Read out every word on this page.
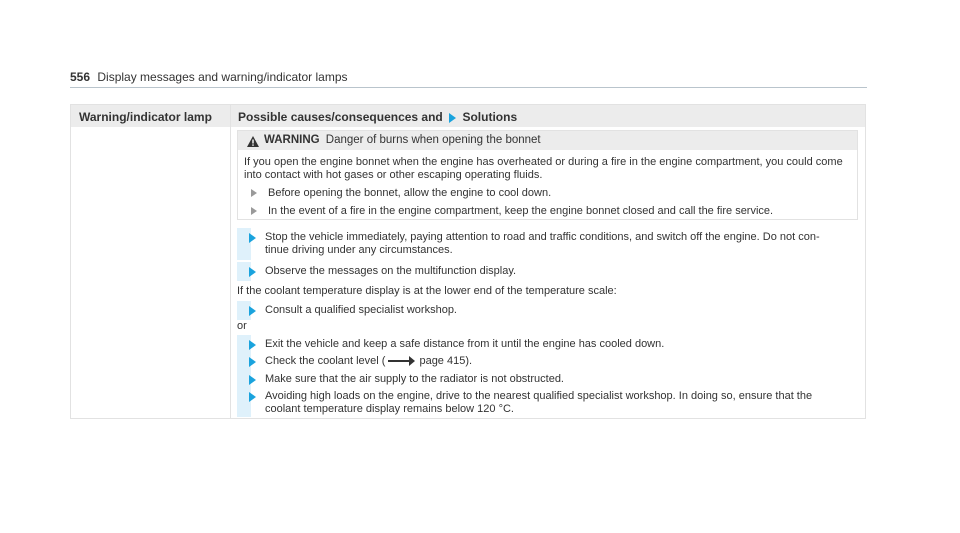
556 Display messages and warning/indicator lamps
Warning/indicator lamp Possible causes/consequences and Solutions
WARNING Danger of burns when opening the bonnet
If you open the engine bonnet when the engine has overheated or during a fire in the engine compartment, you could come into contact with hot gases or other escaping operating fluids.
Before opening the bonnet, allow the engine to cool down.
In the event of a fire in the engine compartment, keep the engine bonnet closed and call the fire service.
Stop the vehicle immediately, paying attention to road and traffic conditions, and switch off the engine. Do not con-
tinue driving under any circumstances.
Observe the messages on the multifunction display.
If the coolant temperature display is at the lower end of the temperature scale:
Consult a qualified specialist workshop.
or
Exit the vehicle and keep a safe distance from it until the engine has cooled down.
Check the coolant level (	page 415).
Make sure that the air supply to the radiator is not obstructed.
Avoiding high loads on the engine, drive to the nearest qualified specialist workshop. In doing so, ensure that the
coolant temperature display remains below 120 °C.
